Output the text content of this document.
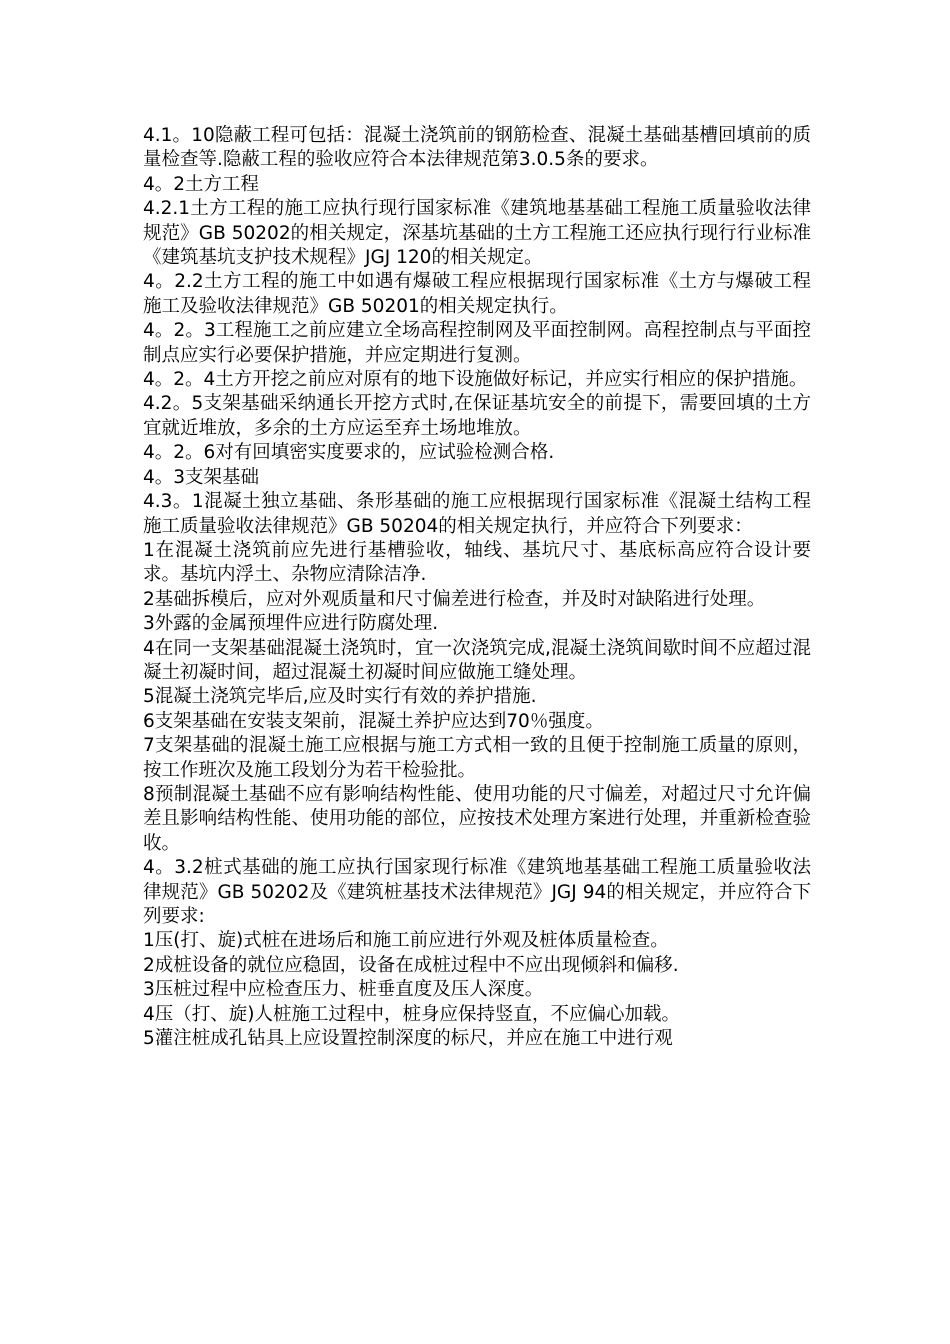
4.1。10隐蔽工程可包括：混凝土浇筑前的钢筋检查、混凝土基础基槽回填前的质量检查等.隐蔽工程的验收应符合本法律规范第3.0.5条的要求。

4。2土方工程

4.2.1土方工程的施工应执行现行国家标准《建筑地基基础工程施工质量验收法律规范》GB 50202的相关规定，深基坑基础的土方工程施工还应执行现行行业标准《建筑基坑支护技术规程》JGJ 120的相关规定。

4。2.2土方工程的施工中如遇有爆破工程应根据现行国家标准《土方与爆破工程施工及验收法律规范》GB 50201的相关规定执行。

4。2。3工程施工之前应建立全场高程控制网及平面控制网。高程控制点与平面控制点应实行必要保护措施，并应定期进行复测。

4。2。4土方开挖之前应对原有的地下设施做好标记，并应实行相应的保护措施。

4.2。5支架基础采纳通长开挖方式时,在保证基坑安全的前提下，需要回填的土方宜就近堆放，多余的土方应运至弃土场地堆放。

4。2。6对有回填密实度要求的，应试验检测合格.

4。3支架基础

4.3。1混凝土独立基础、条形基础的施工应根据现行国家标准《混凝土结构工程施工质量验收法律规范》GB 50204的相关规定执行，并应符合下列要求：

1在混凝土浇筑前应先进行基槽验收，轴线、基坑尺寸、基底标高应符合设计要求。基坑内浮土、杂物应清除洁净.

2基础拆模后，应对外观质量和尺寸偏差进行检查，并及时对缺陷进行处理。

3外露的金属预埋件应进行防腐处理.

4在同一支架基础混凝土浇筑时，宜一次浇筑完成,混凝土浇筑间歇时间不应超过混凝土初凝时间，超过混凝土初凝时间应做施工缝处理。

5混凝土浇筑完毕后,应及时实行有效的养护措施.

6支架基础在安装支架前，混凝土养护应达到70％强度。

7支架基础的混凝土施工应根据与施工方式相一致的且便于控制施工质量的原则，按工作班次及施工段划分为若干检验批。

8预制混凝土基础不应有影响结构性能、使用功能的尺寸偏差，对超过尺寸允许偏差且影响结构性能、使用功能的部位，应按技术处理方案进行处理，并重新检查验收。

4。3.2桩式基础的施工应执行国家现行标准《建筑地基基础工程施工质量验收法律规范》GB 50202及《建筑桩基技术法律规范》JGJ 94的相关规定，并应符合下列要求:

1压(打、旋)式桩在进场后和施工前应进行外观及桩体质量检查。

2成桩设备的就位应稳固，设备在成桩过程中不应出现倾斜和偏移.

3压桩过程中应检查压力、桩垂直度及压人深度。

4压（打、旋)人桩施工过程中，桩身应保持竖直，不应偏心加载。

5灌注桩成孔钻具上应设置控制深度的标尺，并应在施工中进行观
